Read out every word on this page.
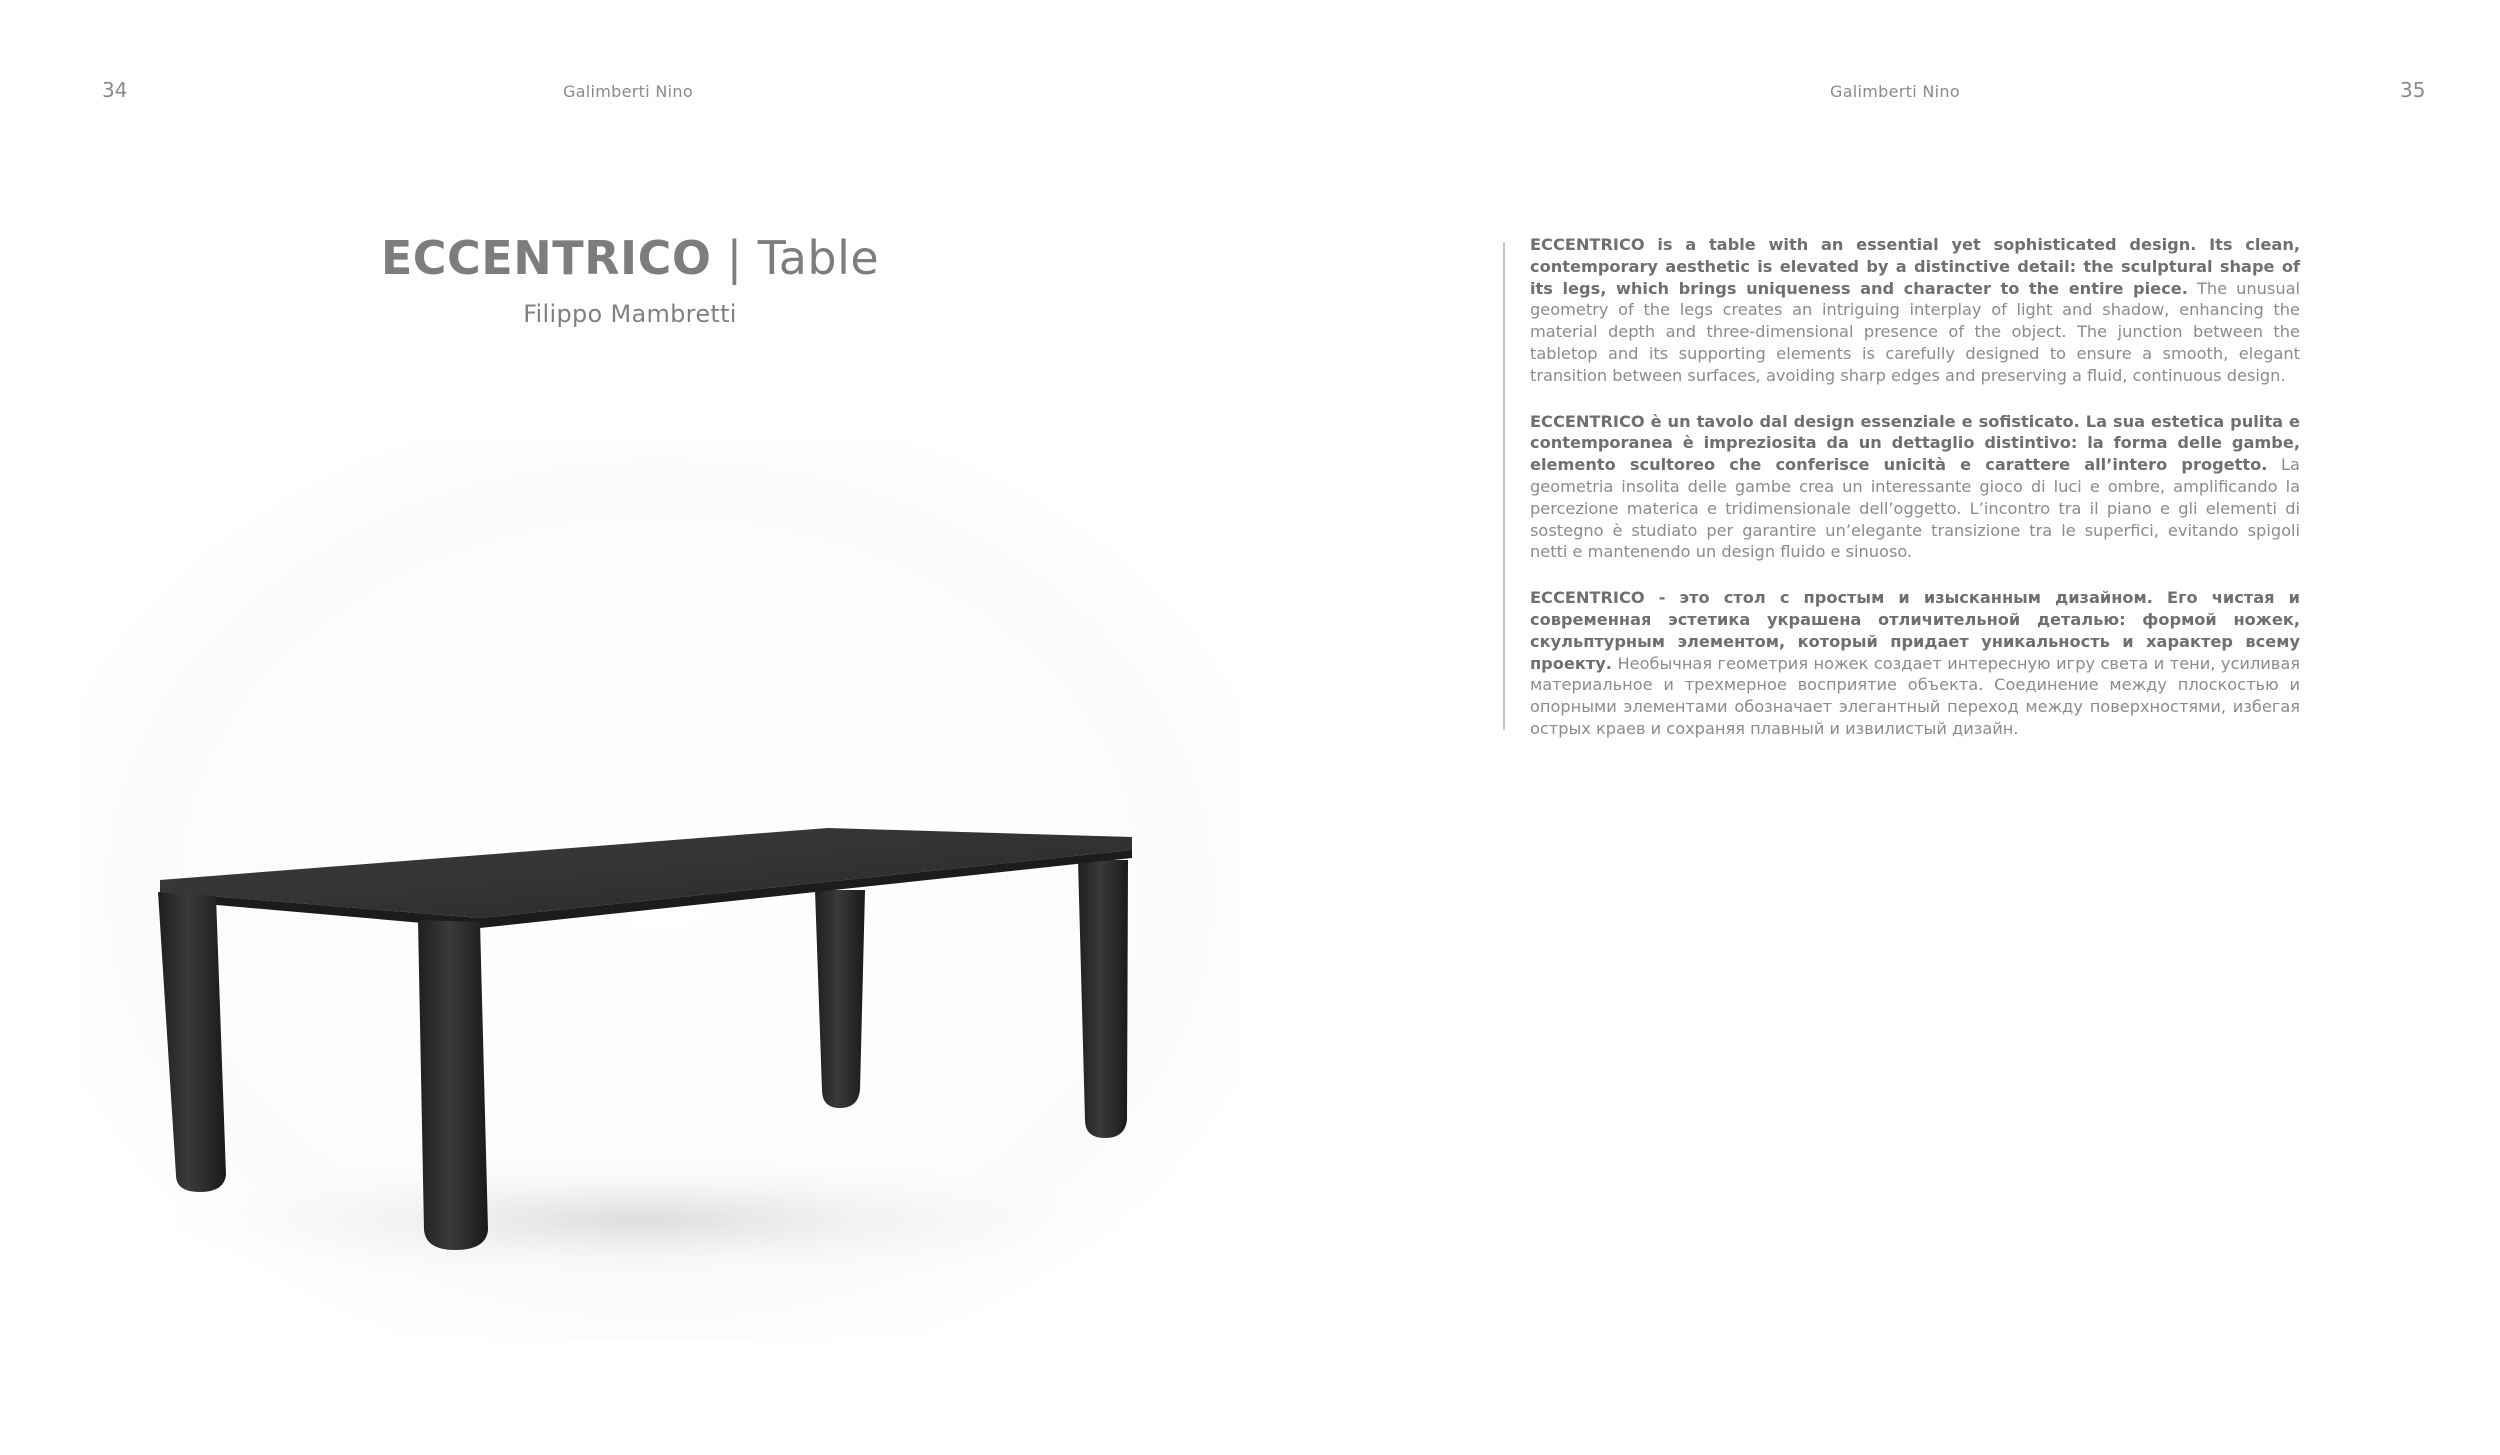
34	Galimberti Nino	Galimberti Nino	35
ECCENTRICO | Table
Filippo Mambretti

ECCENTRICO is a table with an essential yet sophisticated design. Its clean, contemporary aesthetic is elevated by a distinctive detail: the sculptural shape of its legs, which brings uniqueness and character to the entire piece. The unusual geometry of the legs creates an intriguing interplay of light and shadow, enhancing the material depth and three-dimensional presence of the object. The junction between the tabletop and its supporting elements is carefully designed to ensure a smooth, elegant transition between surfaces, avoiding sharp edges and preserving a fluid, continuous design.

ECCENTRICO è un tavolo dal design essenziale e sofisticato. La sua estetica pulita e contemporanea è impreziosita da un dettaglio distintivo: la forma delle gambe, elemento scultoreo che conferisce unicità e carattere all’intero progetto. La geometria insolita delle gambe crea un interessante gioco di luci e ombre, amplificando la percezione materica e tridimensionale dell’oggetto. L’incontro tra il piano e gli elementi di sostegno è studiato per garantire un’elegante transizione tra le superfici, evitando spigoli netti e mantenendo un design fluido e sinuoso.

ECCENTRICO - это стол с простым и изысканным дизайном. Его чистая и современная эстетика украшена отличительной деталью: формой ножек, скульптурным элементом, который придает уникальность и характер всему проекту. Необычная геометрия ножек создает интересную игру света и тени, усиливая материальное и трехмерное восприятие объекта. Соединение между плоскостью и опорными элементами обозначает элегантный переход между поверхностями, избегая острых краев и сохраняя плавный и извилистый дизайн.
